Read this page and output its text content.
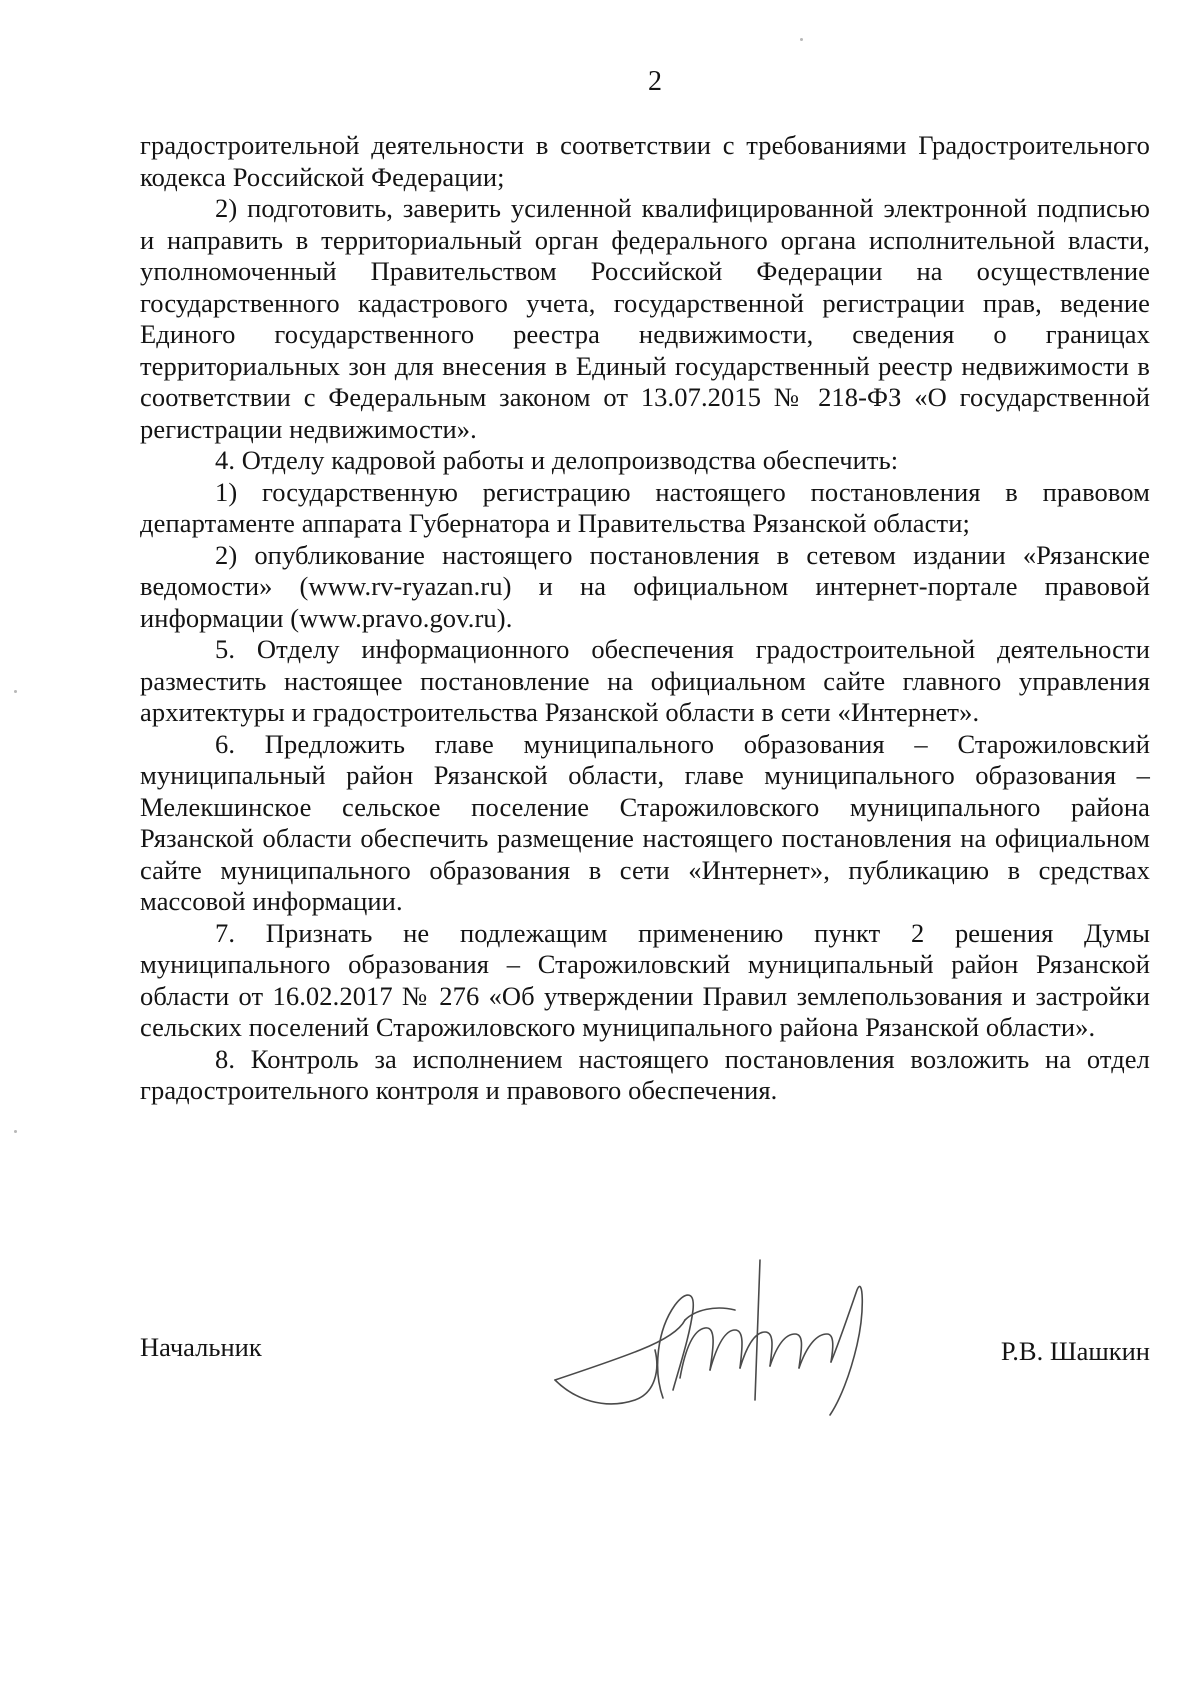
2

градостроительной деятельности в соответствии с требованиями Градостроительного кодекса Российской Федерации;

2) подготовить, заверить усиленной квалифицированной электронной подписью и направить в территориальный орган федерального органа исполнительной власти, уполномоченный Правительством Российской Федерации на осуществление государственного кадастрового учета, государственной регистрации прав, ведение Единого государственного реестра недвижимости, сведения о границах территориальных зон для внесения в Единый государственный реестр недвижимости в соответствии с Федеральным законом от 13.07.2015 № 218-ФЗ «О государственной регистрации недвижимости».

4. Отделу кадровой работы и делопроизводства обеспечить:

1) государственную регистрацию настоящего постановления в правовом департаменте аппарата Губернатора и Правительства Рязанской области;

2) опубликование настоящего постановления в сетевом издании «Рязанские ведомости» (www.rv-ryazan.ru) и на официальном интернет-портале правовой информации (www.pravo.gov.ru).

5. Отделу информационного обеспечения градостроительной деятельности разместить настоящее постановление на официальном сайте главного управления архитектуры и градостроительства Рязанской области в сети «Интернет».

6. Предложить главе муниципального образования – Старожиловский муниципальный район Рязанской области, главе муниципального образования – Мелекшинское сельское поселение Старожиловского муниципального района Рязанской области обеспечить размещение настоящего постановления на официальном сайте муниципального образования в сети «Интернет», публикацию в средствах массовой информации.

7. Признать не подлежащим применению пункт 2 решения Думы муниципального образования – Старожиловский муниципальный район Рязанской области от 16.02.2017 № 276 «Об утверждении Правил землепользования и застройки сельских поселений Старожиловского муниципального района Рязанской области».

8. Контроль за исполнением настоящего постановления возложить на отдел градостроительного контроля и правового обеспечения.

Начальник	Р.В. Шашкин
